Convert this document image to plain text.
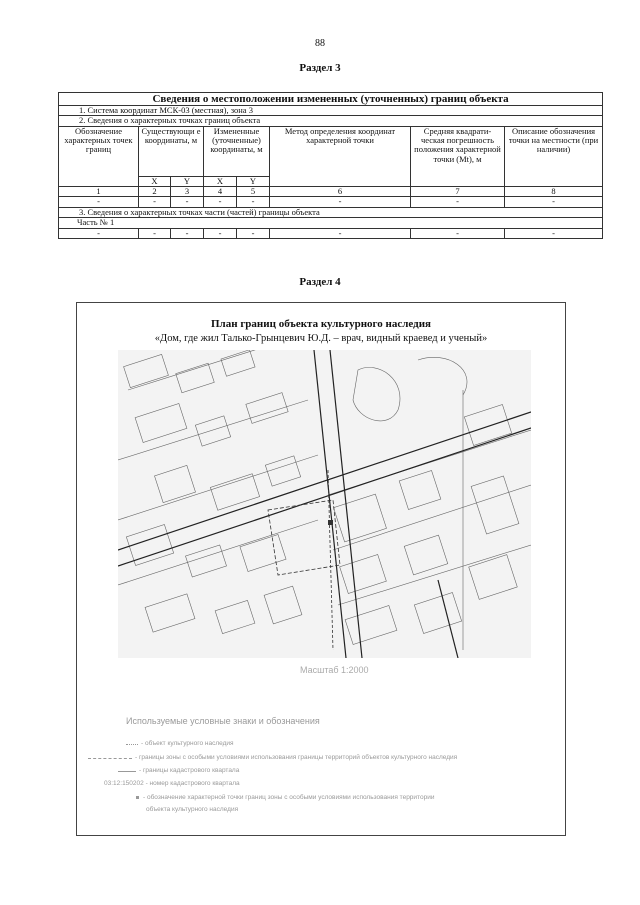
88
Раздел 3
Сведения о местоположении измененных (уточненных) границ объекта							
1. Система координат МСК-03 (местная), зона 3							
2. Сведения о характерных точках границ объекта							
Обозначение характерных точек границ	Существующи е координаты, м		Измененные (уточненные) координаты, м		Метод определения координат характерной точки	Средняя квадрати-ческая погрешность положения характерной точки (Mt), м	Описание обозначения точки на местности (при наличии)
	X	Y	X	Y			
1	2	3	4	5	6	7	8
-	-	-	-	-	-	-	-
3. Сведения о характерных точках части (частей) границы объекта							
Часть № 1							
-	-	-	-	-	-	-	-
Раздел 4
План границ объекта культурного наследия
«Дом, где жил Талько-Грынцевич Ю.Д. – врач, видный краевед и ученый»
Масштаб 1:2000
Используемые условные знаки и обозначения
- объект культурного наследия
- границы зоны с особыми условиями использования границы территорий объектов культурного наследия
- границы кадастрового квартала
03:12:150202 - номер кадастрового квартала
- обозначение характерной точки границ зоны с особыми условиями использования территории
объекта культурного наследия
